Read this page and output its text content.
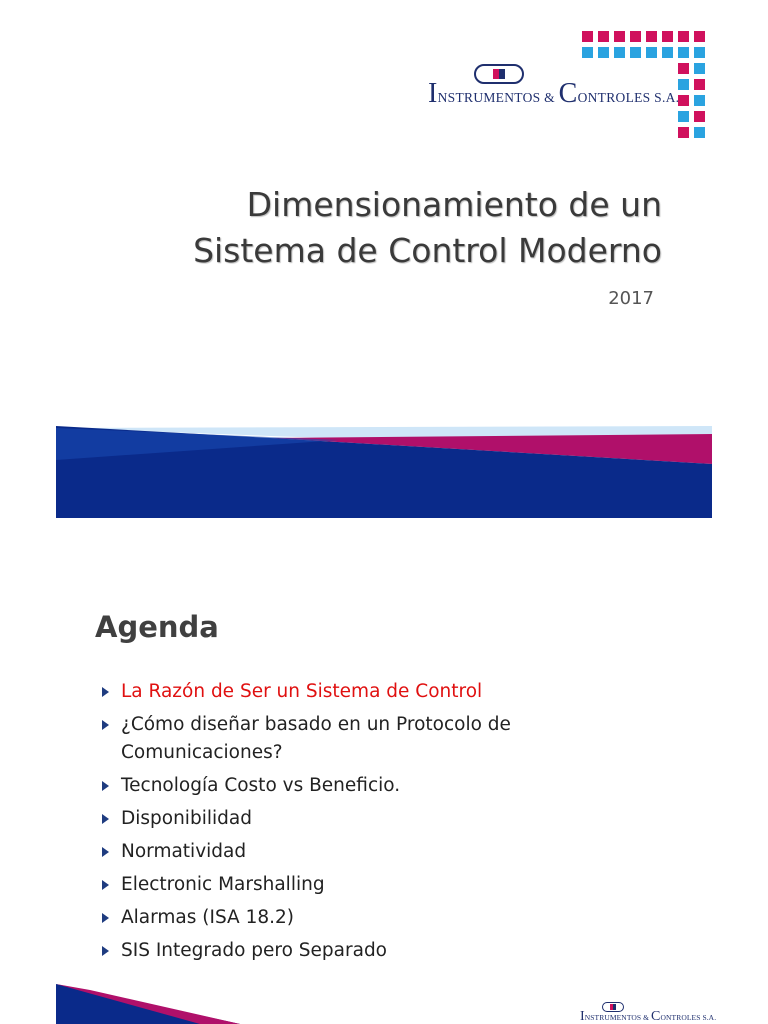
INSTRUMENTOS & CONTROLES S.A.
Dimensionamiento de un
Sistema de Control Moderno
2017
Agenda
La Razón de Ser un Sistema de Control
¿Cómo diseñar basado en un Protocolo de Comunicaciones?
Tecnología Costo vs Beneficio.
Disponibilidad
Normatividad
Electronic Marshalling
Alarmas (ISA 18.2)
SIS Integrado pero Separado
INSTRUMENTOS & CONTROLES S.A.
